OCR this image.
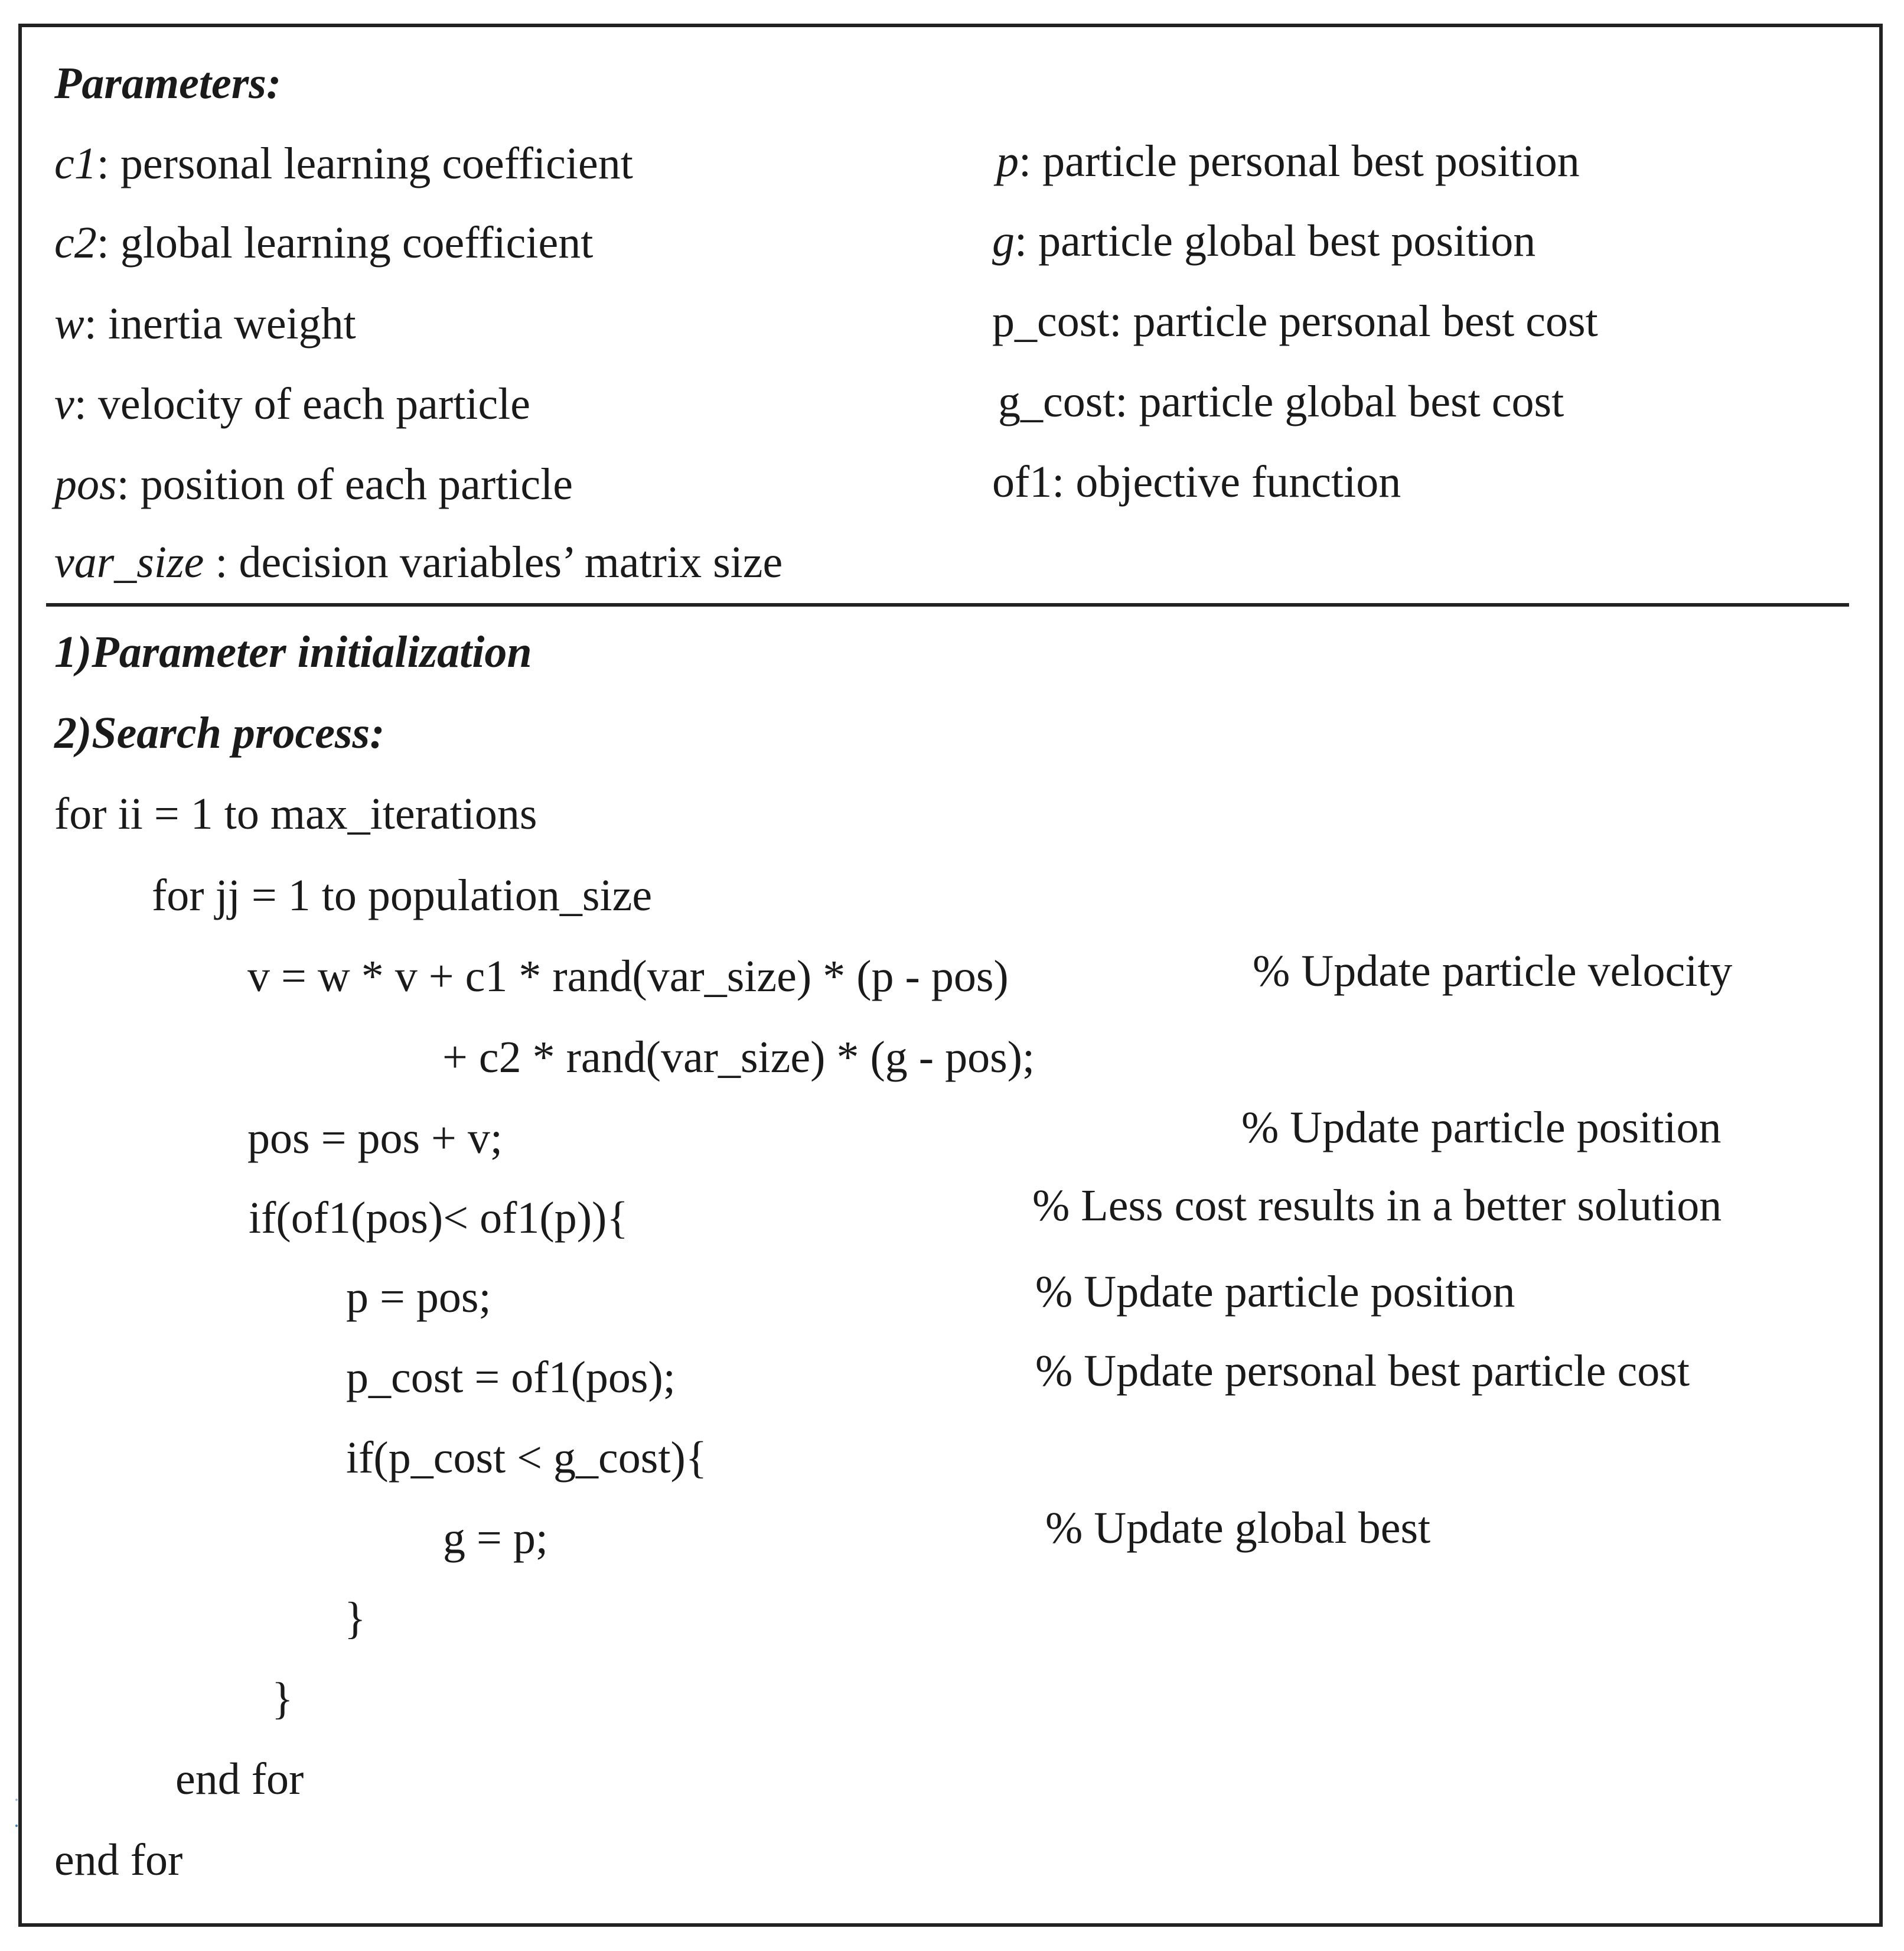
Parameters:
c1: personal learning coefficient
c2: global learning coefficient
w: inertia weight
v: velocity of each particle
pos: position of each particle
var_size : decision variables’ matrix size
p: particle personal best position
g: particle global best position
p_cost: particle personal best cost
g_cost: particle global best cost
of1: objective function
1)Parameter initialization
2)Search process:
for ii = 1 to max_iterations
for jj = 1 to population_size
v = w * v + c1 * rand(var_size) * (p - pos)
+ c2 * rand(var_size) * (g - pos);
pos = pos + v;
if(of1(pos)< of1(p)){
p = pos;
p_cost = of1(pos);
if(p_cost < g_cost){
g = p;
}
}
end for
end for
% Update particle velocity
% Update particle position
% Less cost results in a better solution
% Update particle position
% Update personal best particle cost
% Update global best
